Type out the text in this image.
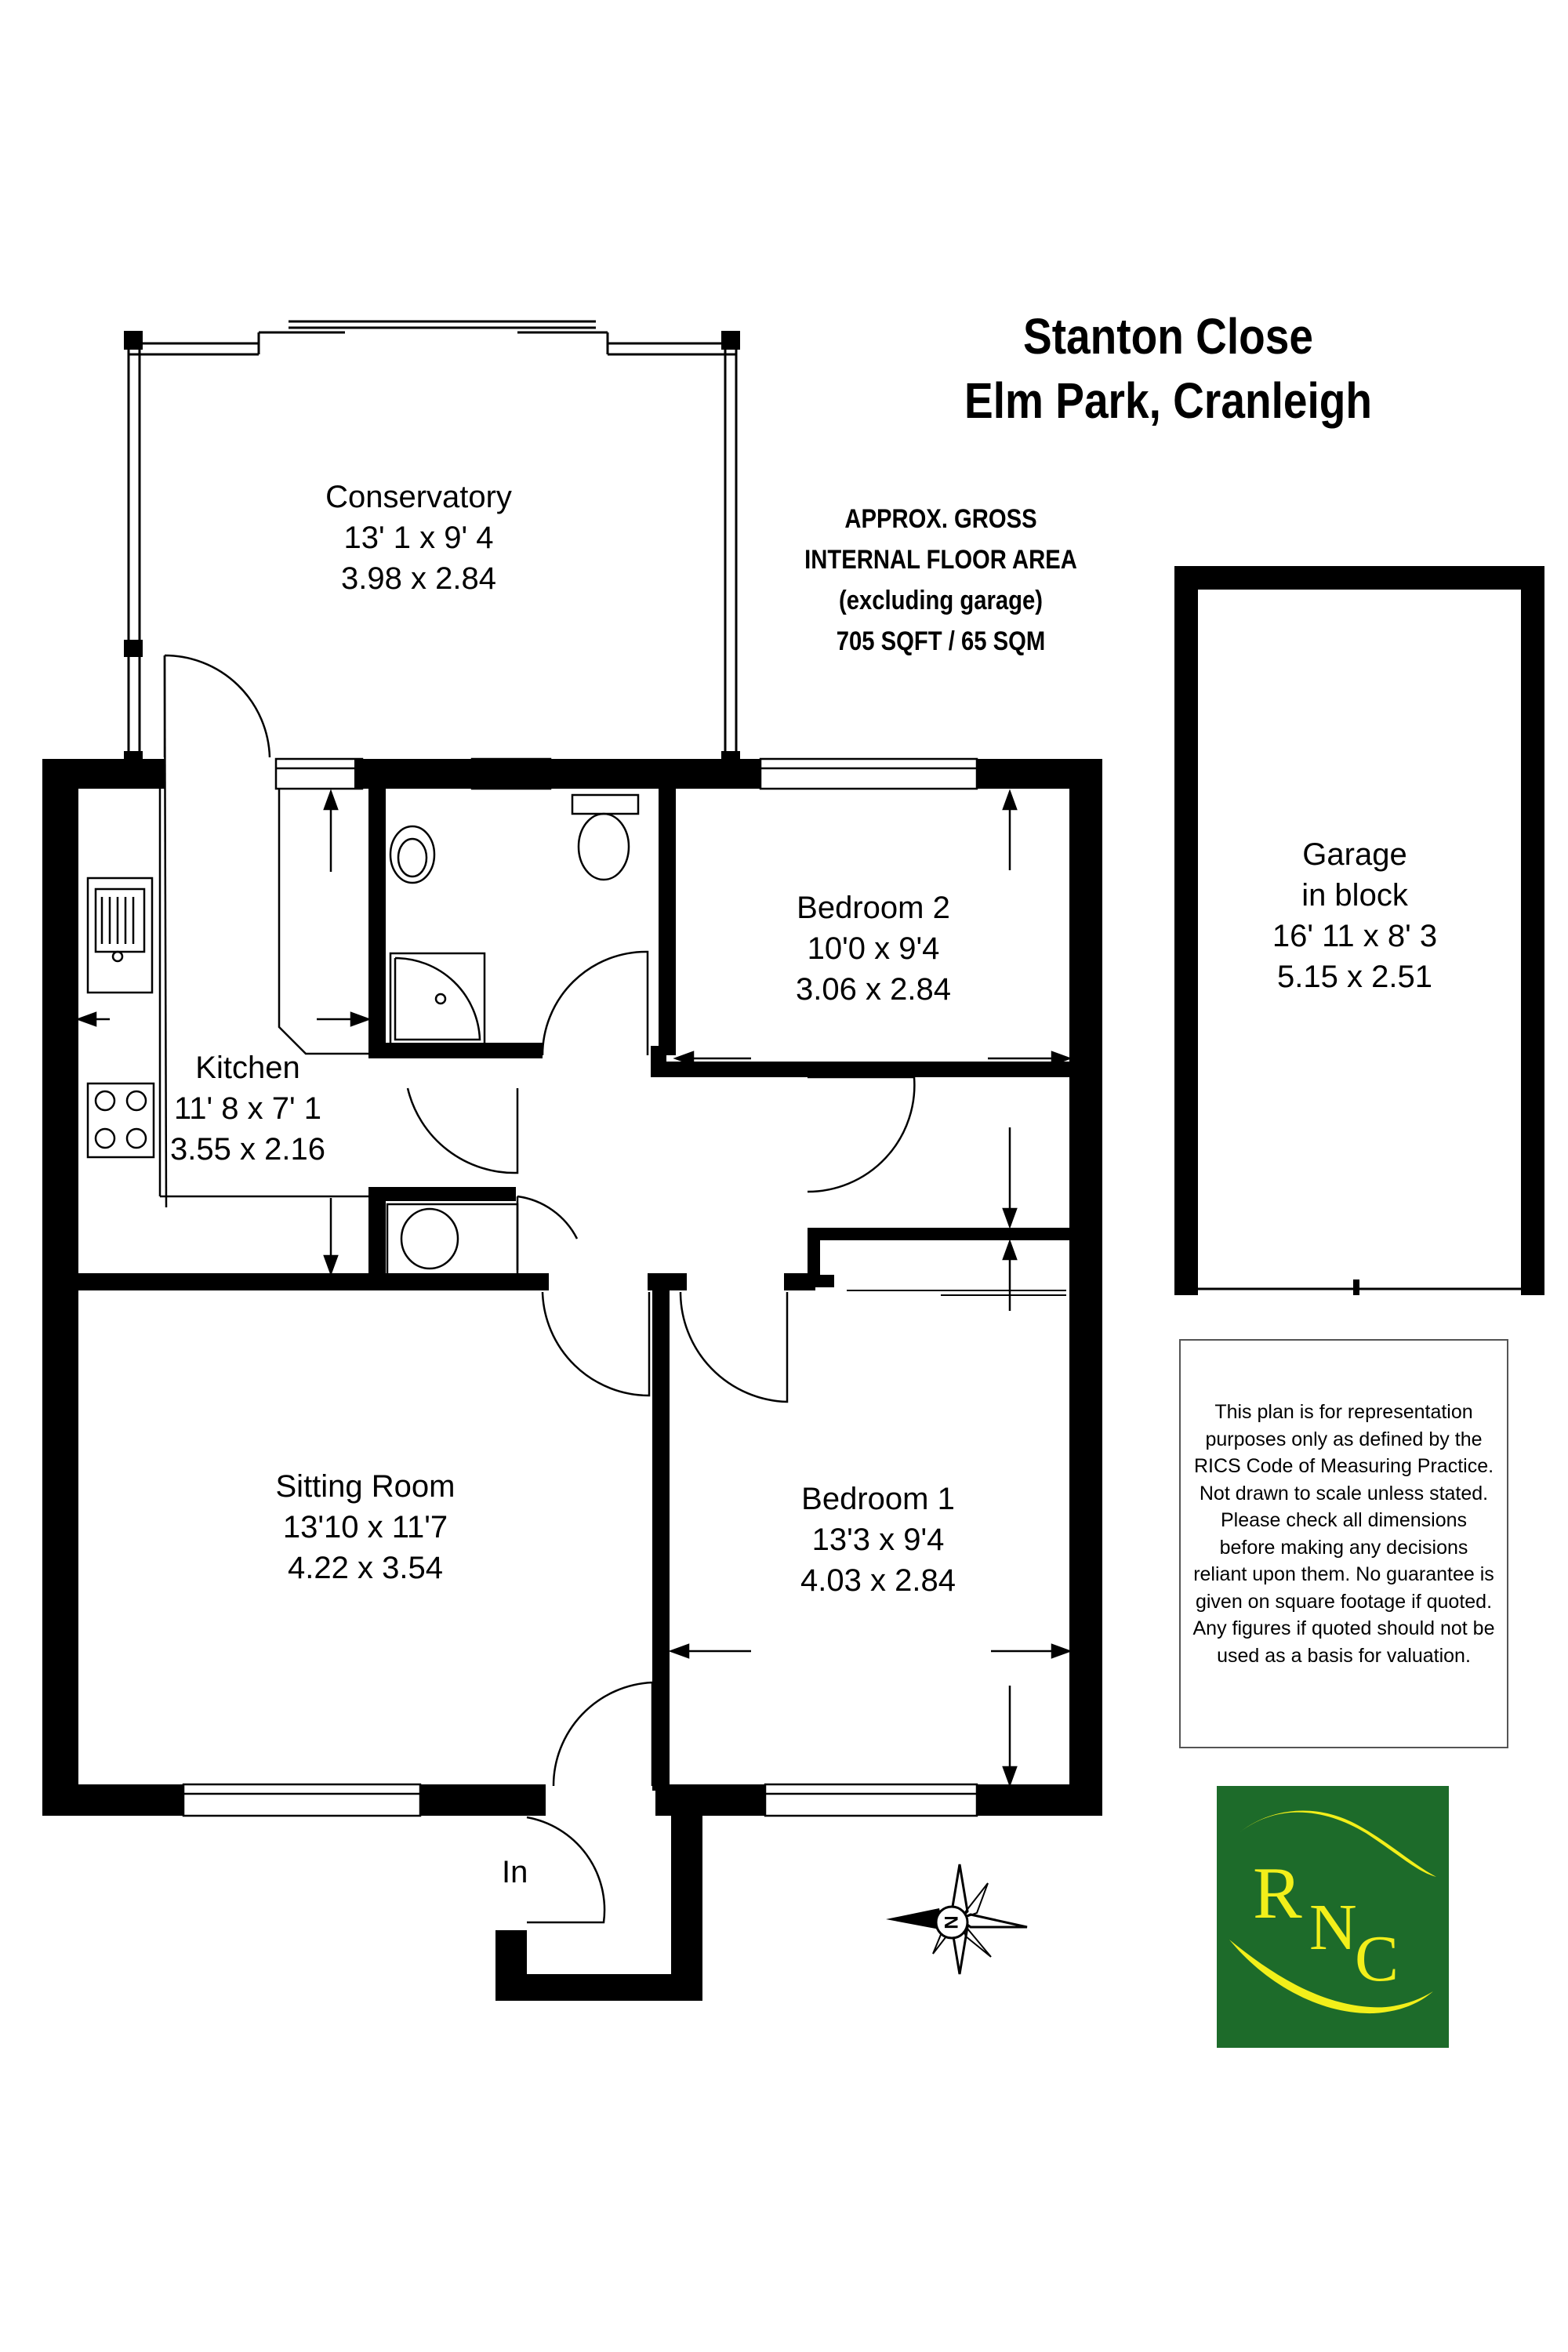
N
Stanton Close
Elm Park, Cranleigh
APPROX. GROSS
INTERNAL FLOOR AREA
(excluding garage)
705 SQFT / 65 SQM
Conservatory
13' 1 x 9' 4
3.98 x 2.84
Bedroom 2
10'0 x 9'4
3.06 x 2.84
Kitchen
11' 8 x 7' 1
3.55 x 2.16
Sitting Room
13'10 x 11'7
4.22 x 3.54
Bedroom 1
13'3 x 9'4
4.03 x 2.84
Garage
in block
16' 11 x 8' 3
5.15 x 2.51
In
This plan is for representation purposes only as defined by the RICS Code of Measuring Practice. Not drawn to scale unless stated. Please check all dimensions before making any decisions reliant upon them. No guarantee is given on square footage if quoted. Any figures if quoted should not be used as a basis for valuation.
R N
C
